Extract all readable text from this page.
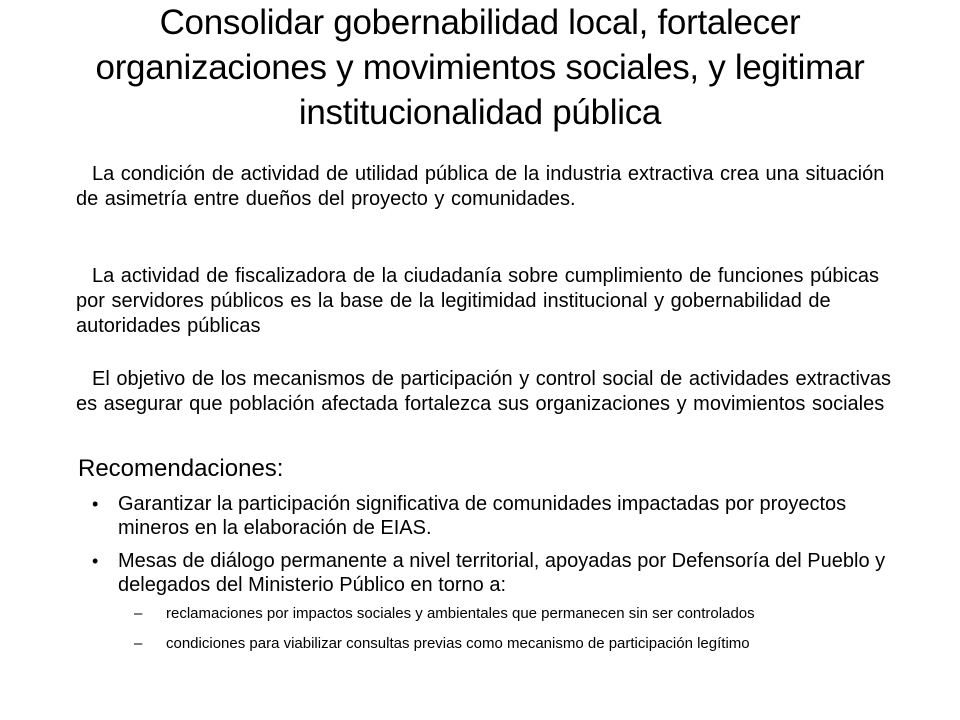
Consolidar gobernabilidad local, fortalecer organizaciones y movimientos sociales, y legitimar institucionalidad pública

La condición de actividad de utilidad pública de la industria extractiva crea una situación de asimetría entre dueños del proyecto y comunidades.

La actividad de fiscalizadora de la ciudadanía sobre cumplimiento de funciones púbicas por servidores públicos es la base de la legitimidad institucional y gobernabilidad de autoridades públicas

El objetivo de los mecanismos de participación y control social de actividades extractivas es asegurar que población afectada fortalezca sus organizaciones y movimientos sociales

Recomendaciones:
• Garantizar la participación significativa de comunidades impactadas por proyectos mineros en la elaboración de EIAS.
• Mesas de diálogo permanente a nivel territorial, apoyadas por Defensoría del Pueblo y delegados del Ministerio Público en torno a:
– reclamaciones por impactos sociales y ambientales que permanecen sin ser controlados
– condiciones para viabilizar consultas previas como mecanismo de participación legítimo
